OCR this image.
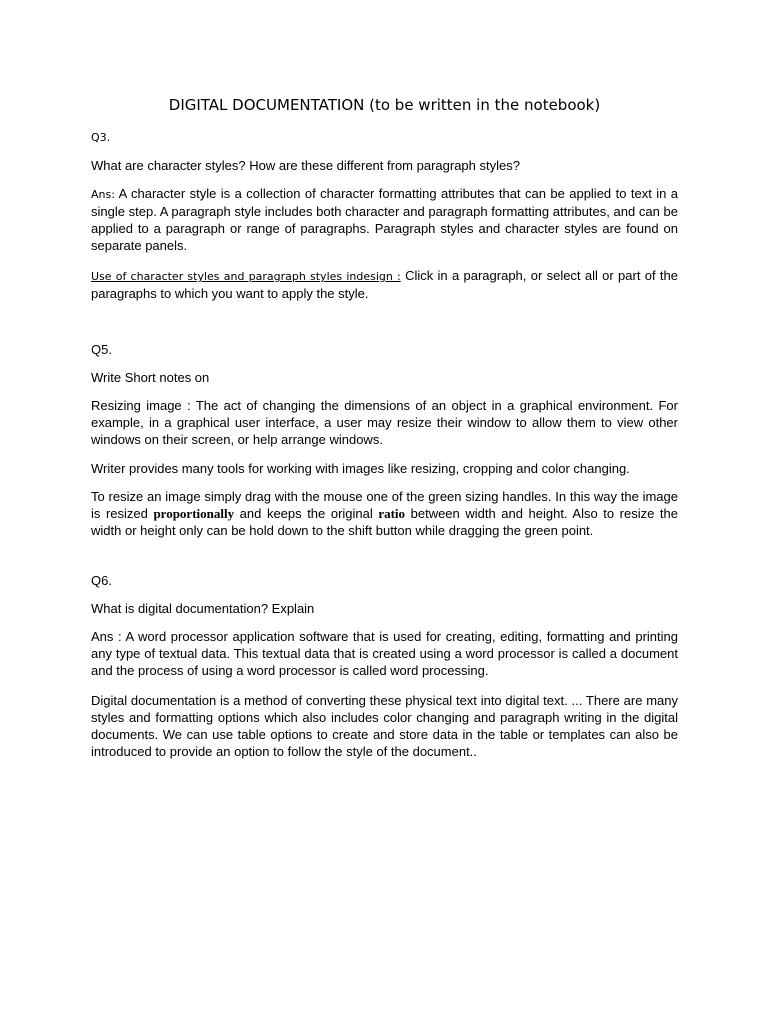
DIGITAL DOCUMENTATION (to be written in the notebook)

Q3.

What are character styles? How are these different from paragraph styles?

Ans: A character style is a collection of character formatting attributes that can be applied to text in a single step. A paragraph style includes both character and paragraph formatting attributes, and can be applied to a paragraph or range of paragraphs. Paragraph styles and character styles are found on separate panels.

Use of character styles and paragraph styles indesign : Click in a paragraph, or select all or part of the paragraphs to which you want to apply the style.

Q5.

Write Short notes on

Resizing image : The act of changing the dimensions of an object in a graphical environment. For example, in a graphical user interface, a user may resize their window to allow them to view other windows on their screen, or help arrange windows.

Writer provides many tools for working with images like resizing, cropping and color changing.

To resize an image simply drag with the mouse one of the green sizing handles. In this way the image is resized proportionally and keeps the original ratio between width and height. Also to resize the width or height only can be hold down to the shift button while dragging the green point.

Q6.

What is digital documentation? Explain

Ans : A word processor application software that is used for creating, editing, formatting and printing any type of textual data. This textual data that is created using a word processor is called a document and the process of using a word processor is called word processing.

Digital documentation is a method of converting these physical text into digital text. ... There are many styles and formatting options which also includes color changing and paragraph writing in the digital documents. We can use table options to create and store data in the table or templates can also be introduced to provide an option to follow the style of the document..
